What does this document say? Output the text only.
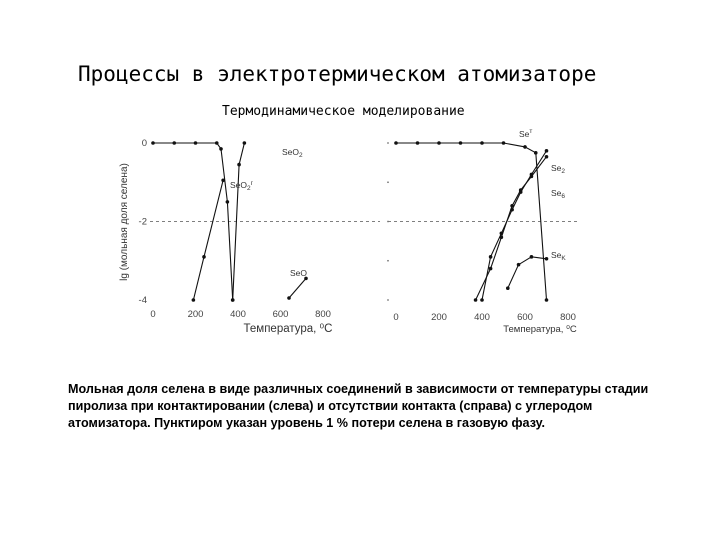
Процессы в электротермическом атомизаторе
Термодинамическое моделирование
0	200	400	600	800
0
-2
-4
lg (мольная доля селена)
Температура, ⁰С
SeO$_2$
SeO$_2^г$
SeO
0	200	400	600	800
Температура, ⁰С
$Se^т$
$Se_2$
$Se_6$
$Se_K$
Мольная доля селена в виде различных соединений в зависимости от температуры стадии пиролиза при контактировании (слева) и отсутствии контакта (справа) с углеродом атомизатора. Пунктиром указан уровень 1 % потери селена в газовую фазу.
